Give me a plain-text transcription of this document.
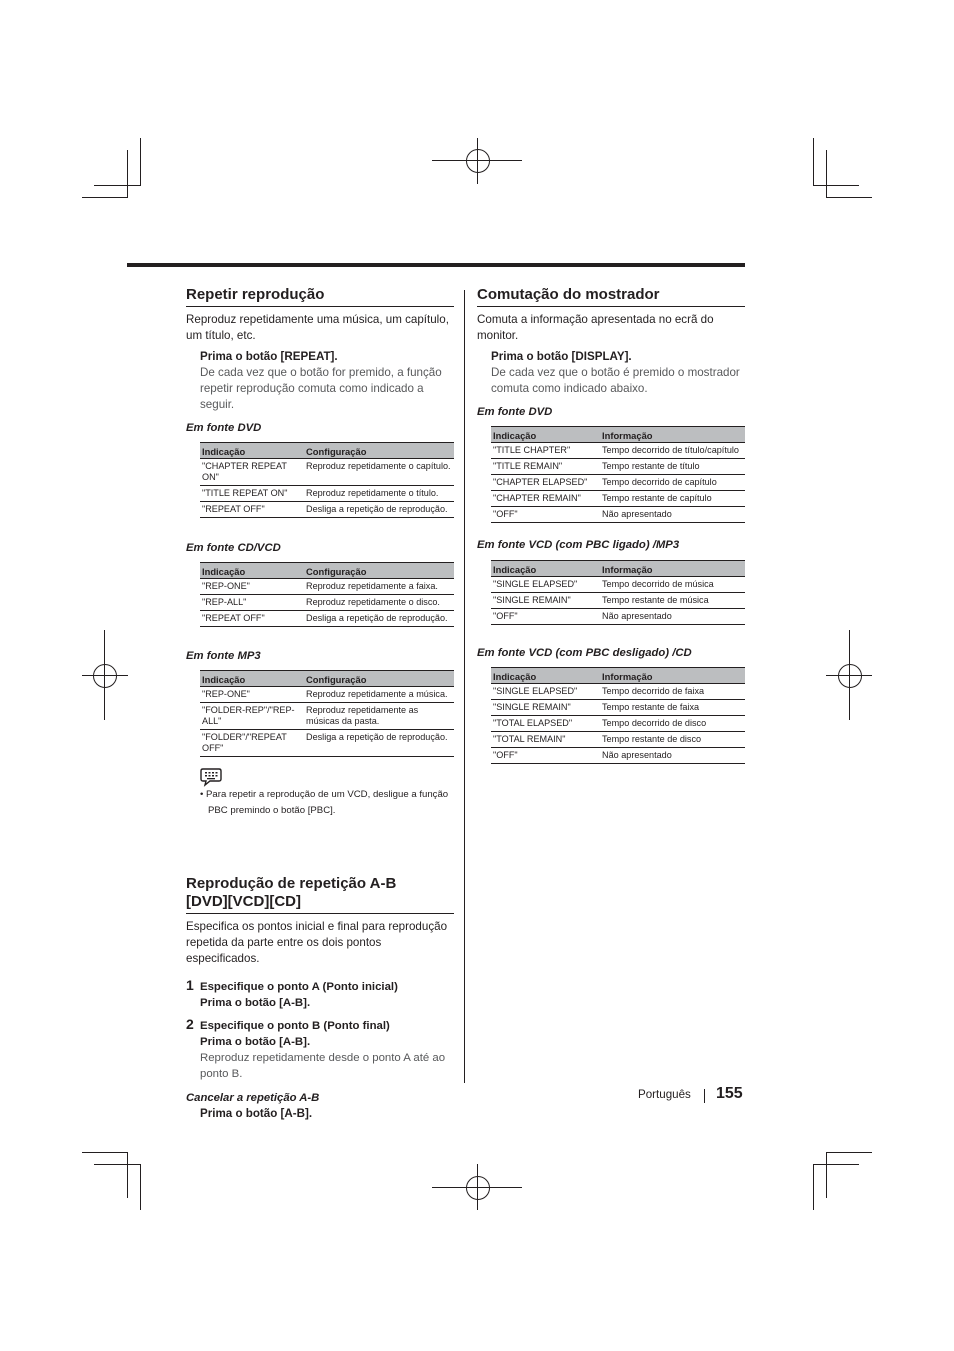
Repetir reprodução

Reproduz repetidamente uma música, um capítulo, um título, etc.

Prima o botão [REPEAT].

De cada vez que o botão for premido, a função repetir reprodução comuta como indicado a seguir.

Em fonte DVD

Indicação	Configuração
"CHAPTER REPEAT ON"	Reproduz repetidamente o capítulo.
"TITLE REPEAT ON"	Reproduz repetidamente o título.
"REPEAT OFF"	Desliga a repetição de reprodução.

Em fonte CD/VCD

Indicação	Configuração
"REP-ONE"	Reproduz repetidamente a faixa.
"REP-ALL"	Reproduz repetidamente o disco.
"REPEAT OFF"	Desliga a repetição de reprodução.

Em fonte MP3

Indicação	Configuração
"REP-ONE"	Reproduz repetidamente a música.
"FOLDER-REP"/"REP-ALL"	Reproduz repetidamente as músicas da pasta.
"FOLDER"/"REPEAT OFF"	Desliga a repetição de reprodução.

• Para repetir a reprodução de um VCD, desligue a função PBC premindo o botão [PBC].

Reprodução de repetição A-B
[DVD][VCD][CD]

Especifica os pontos inicial e final para reprodução repetida da parte entre os dois pontos especificados.

1 Especifique o ponto A (Ponto inicial)
Prima o botão [A-B].
2 Especifique o ponto B (Ponto final)
Prima o botão [A-B].
Reproduz repetidamente desde o ponto A até ao ponto B.

Cancelar a repetição A-B

Prima o botão [A-B].

Comutação do mostrador

Comuta a informação apresentada no ecrã do monitor.

Prima o botão [DISPLAY].

De cada vez que o botão é premido o mostrador comuta como indicado abaixo.

Em fonte DVD

Indicação	Informação
"TITLE CHAPTER"	Tempo decorrido de título/capítulo
"TITLE REMAIN"	Tempo restante de título
"CHAPTER ELAPSED"	Tempo decorrido de capítulo
"CHAPTER REMAIN"	Tempo restante de capítulo
"OFF"	Não apresentado

Em fonte VCD (com PBC ligado) /MP3

Indicação	Informação
"SINGLE ELAPSED"	Tempo decorrido de música
"SINGLE REMAIN"	Tempo restante de música
"OFF"	Não apresentado

Em fonte VCD (com PBC desligado) /CD

Indicação	Informação
"SINGLE ELAPSED"	Tempo decorrido de faixa
"SINGLE REMAIN"	Tempo restante de faixa
"TOTAL ELAPSED"	Tempo decorrido de disco
"TOTAL REMAIN"	Tempo restante de disco
"OFF"	Não apresentado
Português 155
